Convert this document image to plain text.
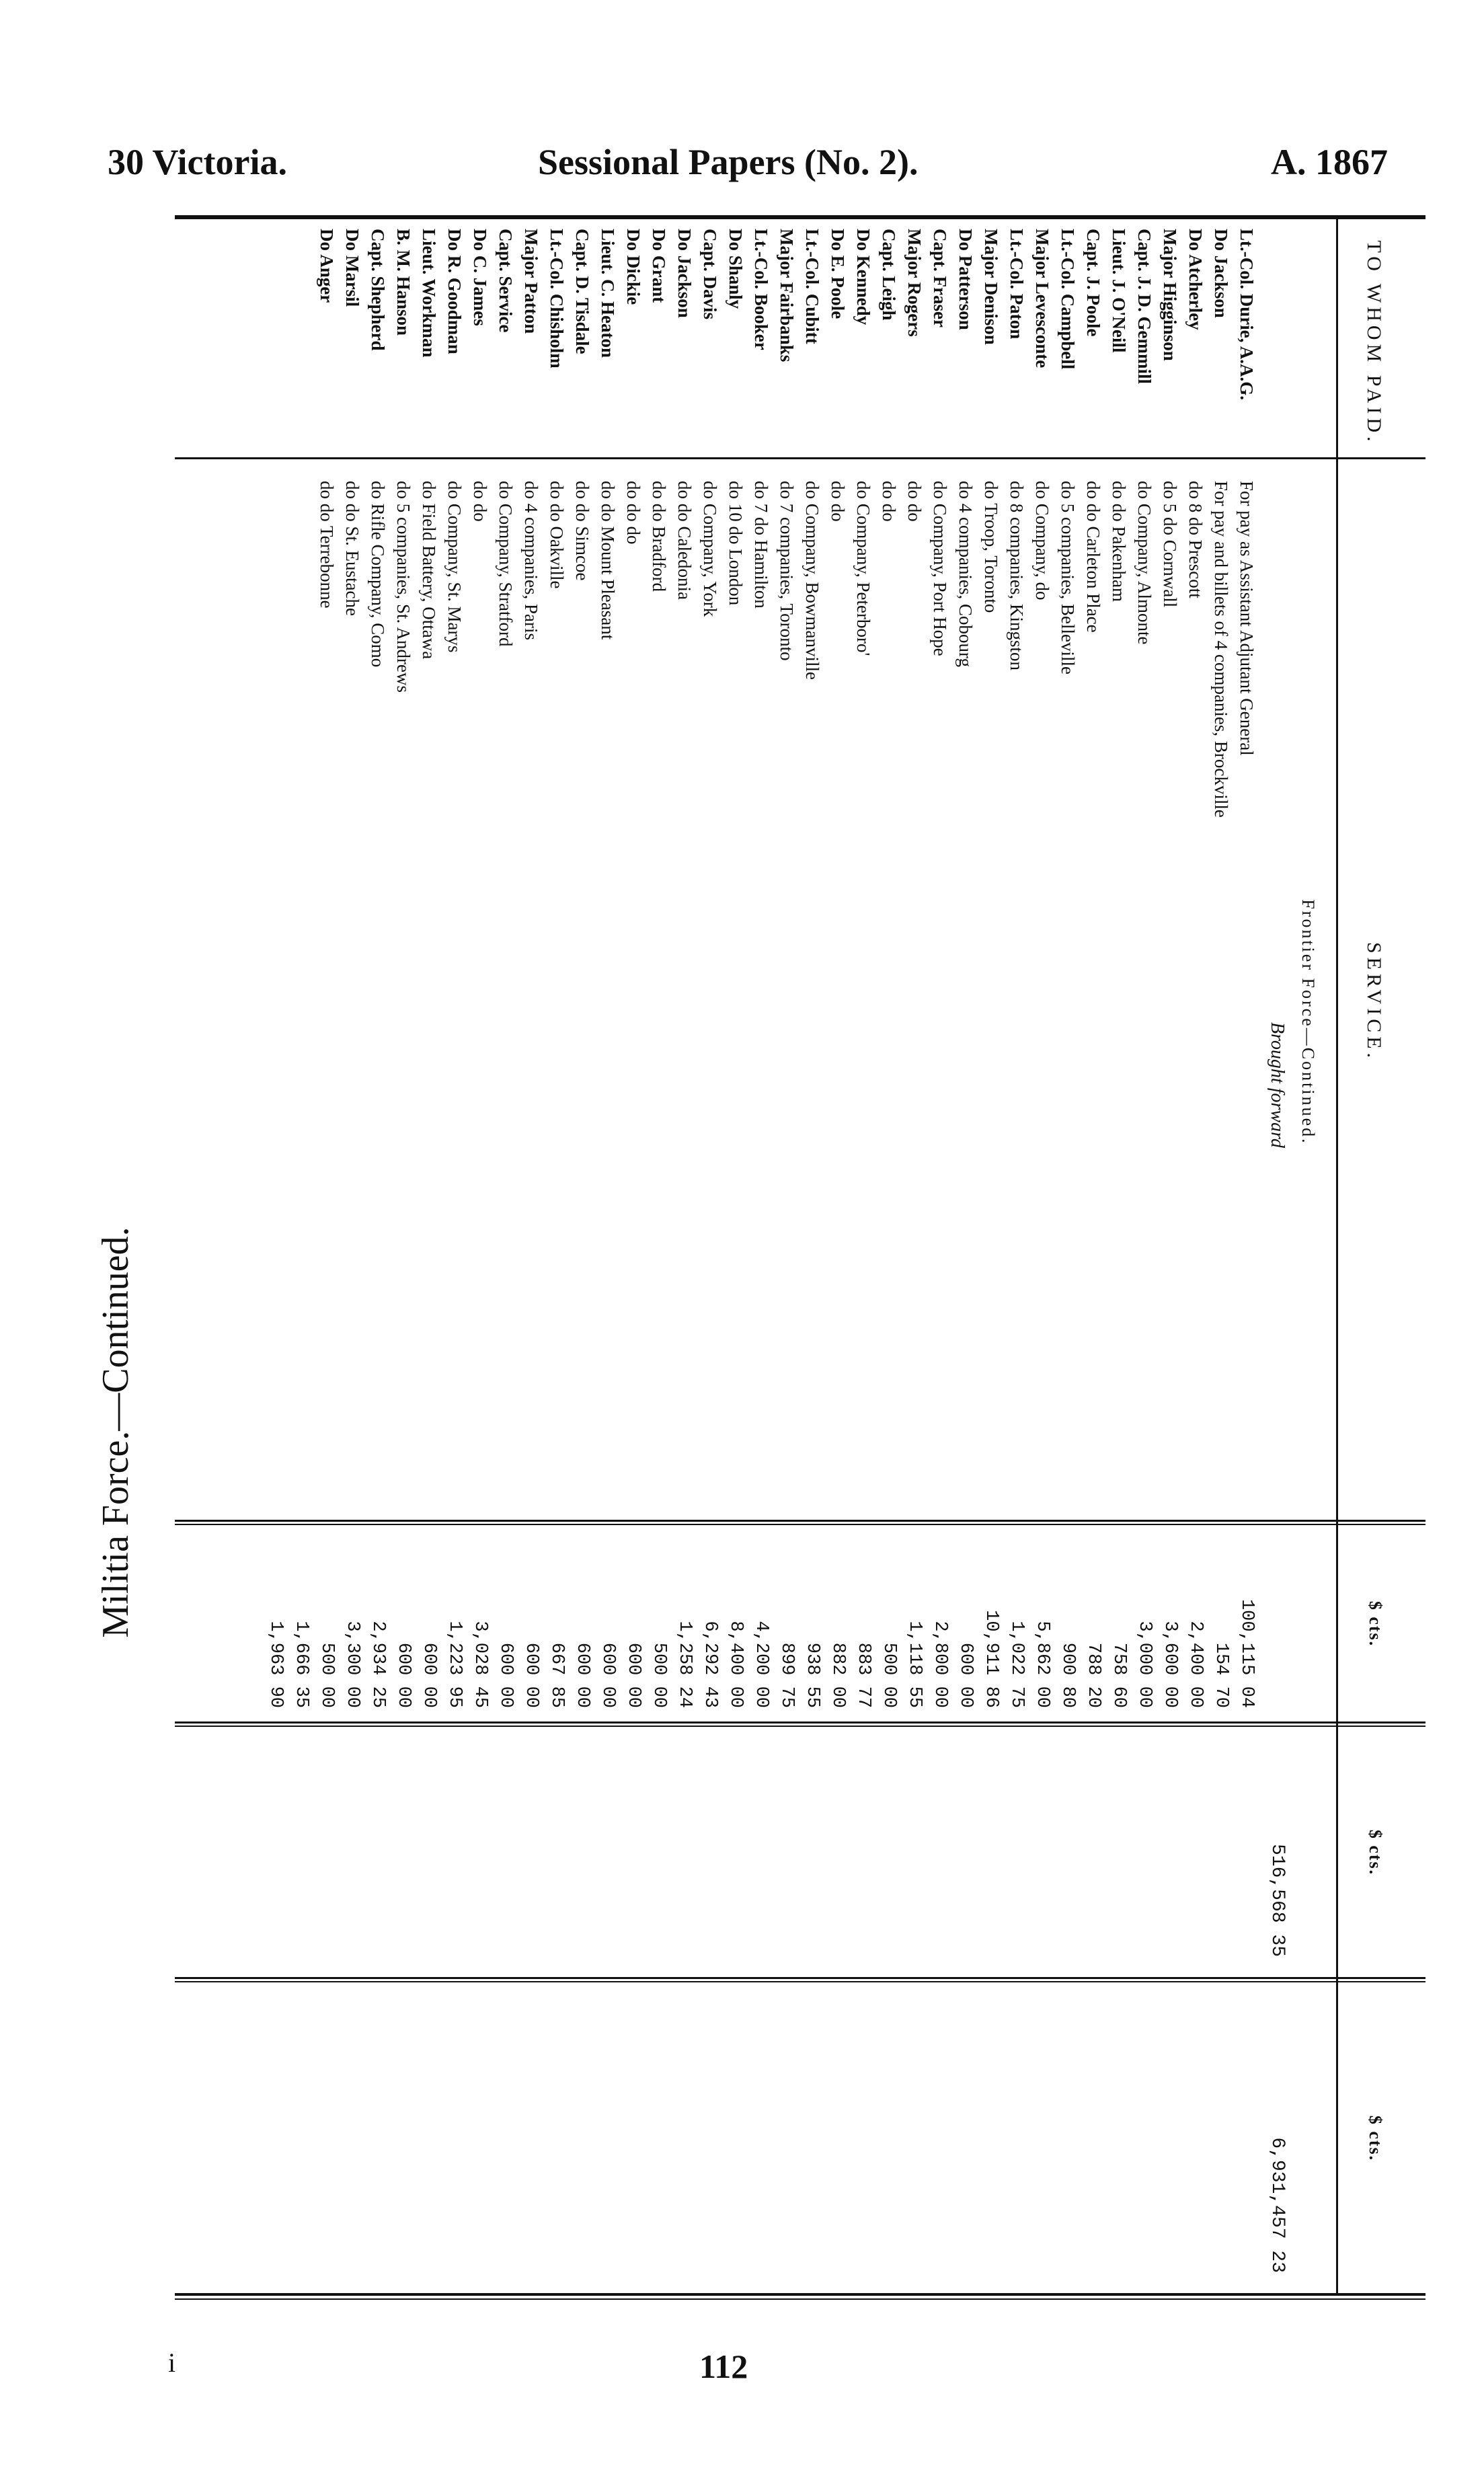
30 Victoria.	Sessional Papers (No. 2).	A. 1867
Militia Force.—Continued.
TO WHOM PAID.
SERVICE.
$ cts.
$ cts.
$ cts.
Frontier Force—Continued.
Brought forward
516,568 35
6,931,457 23
Lt.-Col. Durie, A.A.G.
For pay as Assistant Adjutant General
100,115 04
Do Jackson
For pay and billets of 4 companies, Brockville
154 70
Do Atcherley
do 8 do Prescott
2,400 00
Major Higginson
do 5 do Cornwall
3,600 00
Capt. J. D. Gemmill
do Company, Almonte
3,000 00
Lieut. J. O'Neill
do do Pakenham
758 60
Capt. J. Poole
do do Carleton Place
788 20
Lt.-Col. Campbell
do 5 companies, Belleville
900 80
Major Levesconte
do Company, do
5,862 00
Lt.-Col. Paton
do 8 companies, Kingston
1,022 75
Major Denison
do Troop, Toronto
10,911 86
Do Patterson
do 4 companies, Cobourg
600 00
Capt. Fraser
do Company, Port Hope
2,800 00
Major Rogers
do do
1,118 55
Capt. Leigh
do do
500 00
Do Kennedy
do Company, Peterboro'
883 77
Do E. Poole
do do
882 00
Lt.-Col. Cubitt
do Company, Bowmanville
938 55
Major Fairbanks
do 7 companies, Toronto
899 75
Lt.-Col. Booker
do 7 do Hamilton
4,200 00
Do Shanly
do 10 do London
8,400 00
Capt. Davis
do Company, York
6,292 43
Do Jackson
do do Caledonia
1,258 24
Do Grant
do do Bradford
500 00
Do Dickie
do do do
600 00
Lieut. C. Heaton
do do Mount Pleasant
600 00
Capt. D. Tisdale
do do Simcoe
600 00
Lt.-Col. Chisholm
do do Oakville
667 85
Major Patton
do 4 companies, Paris
600 00
Capt. Service
do Company, Stratford
600 00
Do C. James
do do
3,028 45
Do R. Goodman
do Company, St. Marys
1,223 95
Lieut. Workman
do Field Battery, Ottawa
600 00
B. M. Hanson
do 5 companies, St. Andrews
600 00
Capt. Shepherd
do Rifle Company, Como
2,934 25
Do Marsil
do do St. Eustache
3,300 00
Do Anger
do do Terrebonne
500 00
1,666 35
1,963 90
112
i
